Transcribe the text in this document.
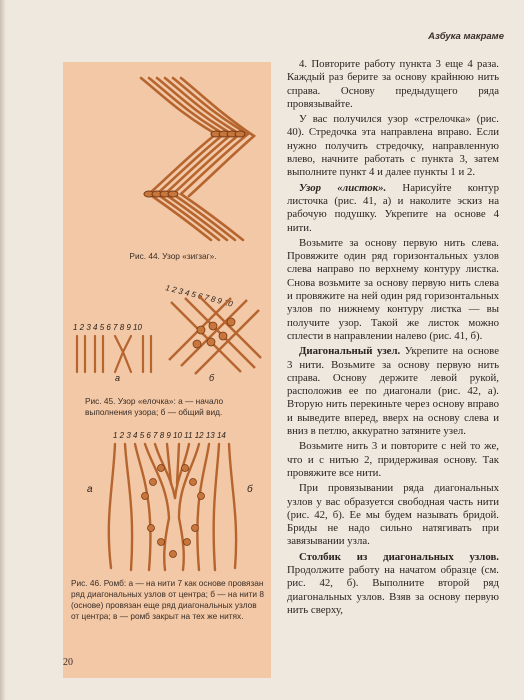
Азбука макраме
Рис. 44. Узор «зигзаг».
1 2 3 4 5 6 7 8 9 10
1 2 3 4 5 6 7 8 9 10
a	б
Рис. 45. Узор «елочка»: а — начало выполнения узора; б — общий вид.
1 2 3 4 5 6 7 8 9 10 11 12 13 14
a	б
Рис. 46. Ромб: а — на нити 7 как основе провязан ряд диагональных узлов от центра; б — на нити 8 (основе) провязан еще ряд диагональных узлов от центра; в — ромб закрыт на тех же нитях.
20

4. Повторите работу пункта 3 еще 4 раза. Каждый раз берите за основу крайнюю нить справа. Основу предыдущего ряда провязывайте.

У вас получился узор «стрелочка» (рис. 40). Стредочка эта направлена вправо. Если нужно получить стредочку, направленную влево, начните работать с пункта 3, затем выполните пункт 4 и далее пункты 1 и 2.

Узор «листок». Нарисуйте контур листочка (рис. 41, а) и наколите эскиз на рабочую подушку. Укрепите на основе 4 нити.

Возьмите за основу первую нить слева. Провяжите один ряд горизонтальных узлов слева направо по верхнему контуру листка. Снова возьмите за основу первую нить слева и провяжите на ней один ряд горизонтальных узлов по нижнему контуру листка — вы получите узор. Такой же листок можно сплести в направлении налево (рис. 41, б).

Диагональный узел. Укрепите на основе 3 нити. Возьмите за основу первую нить справа. Основу держите левой рукой, расположив ее по диагонали (рис. 42, а). Вторую нить перекиньте через основу вправо и выведите вперед, вверх на основу слева и вниз в петлю, аккуратно затяните узел.

Возьмите нить 3 и повторите с ней то же, что и с нитью 2, придерживая основу. Так провяжите все нити.

При провязывании ряда диагональных узлов у вас образуется свободная часть нити (рис. 42, б). Ее мы будем называть бридой. Бриды не надо сильно натягивать при завязывании узла.

Столбик из диагональных узлов. Продолжите работу на начатом образце (см. рис. 42, б). Выполните второй ряд диагональных узлов. Взяв за основу первую нить сверху,
